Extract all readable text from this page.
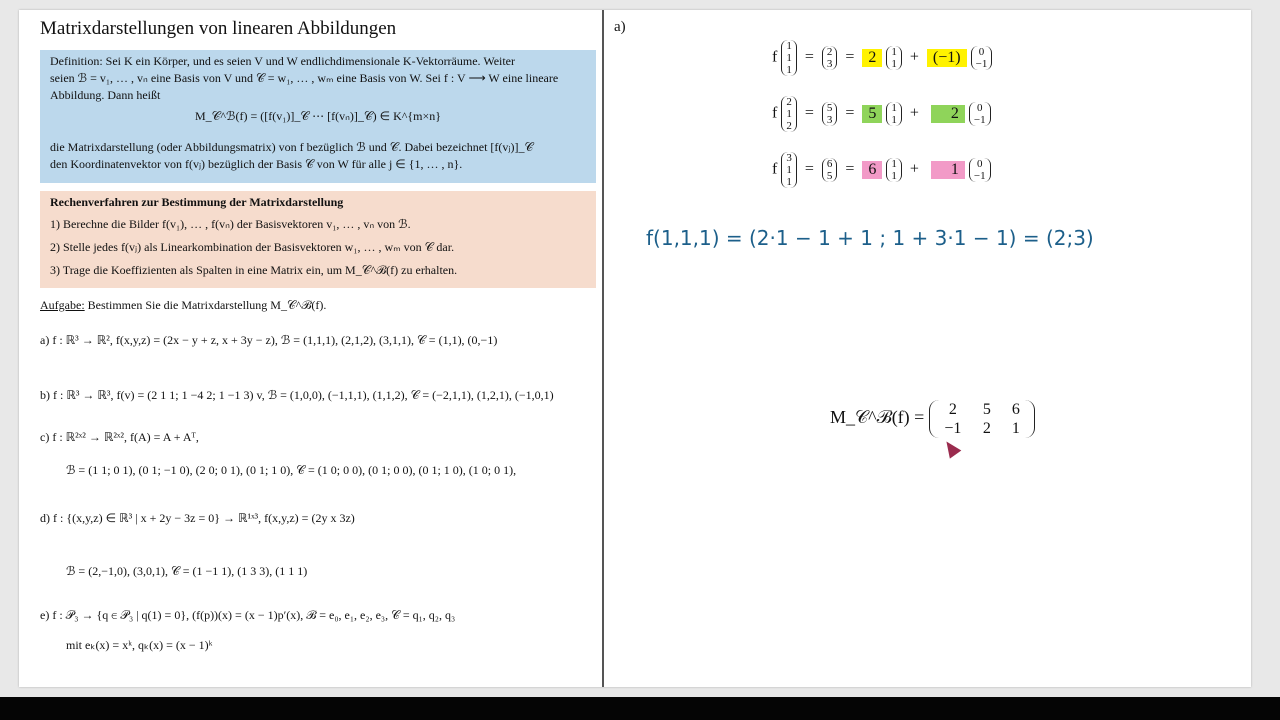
Matrixdarstellungen von linearen Abbildungen

Definition: Sei K ein Körper, und es seien V und W endlichdimensionale K-Vektorräume. Weiter

seien ℬ = v₁, … , vₙ eine Basis von V und 𝒞 = w₁, … , wₘ eine Basis von W. Sei f : V ⟶ W eine lineare

Abbildung. Dann heißt

M_𝒞^ℬ(f) = ([f(v₁)]_𝒞 ⋯ [f(vₙ)]_𝒞) ∈ K^{m×n}

die Matrixdarstellung (oder Abbildungsmatrix) von f bezüglich ℬ und 𝒞. Dabei bezeichnet [f(vⱼ)]_𝒞

den Koordinatenvektor von f(vⱼ) bezüglich der Basis 𝒞 von W für alle j ∈ {1, … , n}.

Rechenverfahren zur Bestimmung der Matrixdarstellung

1) Berechne die Bilder f(v₁), … , f(vₙ) der Basisvektoren v₁, … , vₙ von ℬ.

2) Stelle jedes f(vⱼ) als Linearkombination der Basisvektoren w₁, … , wₘ von 𝒞 dar.

3) Trage die Koeffizienten als Spalten in eine Matrix ein, um M_𝒞^ℬ(f) zu erhalten.

Aufgabe: Bestimmen Sie die Matrixdarstellung M_𝒞^ℬ(f).
a) f : ℝ³ → ℝ², f(x,y,z) = (2x − y + z, x + 3y − z), ℬ = (1,1,1), (2,1,2), (3,1,1), 𝒞 = (1,1), (0,−1)
b) f : ℝ³ → ℝ³, f(v) = (2 1 1; 1 −4 2; 1 −1 3) v, ℬ = (1,0,0), (−1,1,1), (1,1,2), 𝒞 = (−2,1,1), (1,2,1), (−1,0,1)
c) f : ℝ²ˣ² → ℝ²ˣ², f(A) = A + Aᵀ,
ℬ = (1 1; 0 1), (0 1; −1 0), (2 0; 0 1), (0 1; 1 0), 𝒞 = (1 0; 0 0), (0 1; 0 0), (0 1; 1 0), (1 0; 0 1),
d) f : {(x,y,z) ∈ ℝ³ | x + 2y − 3z = 0} → ℝ¹ˣ³, f(x,y,z) = (2y x 3z)
ℬ = (2,−1,0), (3,0,1), 𝒞 = (1 −1 1), (1 3 3), (1 1 1)
e) f : 𝒫₃ → {q ∈ 𝒫₃ | q(1) = 0}, (f(p))(x) = (x − 1)p′(x), ℬ = e₀, e₁, e₂, e₃, 𝒞 = q₁, q₂, q₃
mit eₖ(x) = xᵏ, qₖ(x) = (x − 1)ᵏ
a)
f
1
1
1
= 2
3 =  2 1
1 +  (−1) 0
−1
f
2
1
2
= 5
3 =  5 1
1 +   2 0
−1
f
3
1
1
= 6
5 =  6 1
1 +   1 0
−1
f(1,1,1) = (2·1 − 1 + 1 ; 1 + 3·1 − 1) = (2;3)
M_𝒞^ℬ(f) =	2 5 6
−1 2 1
